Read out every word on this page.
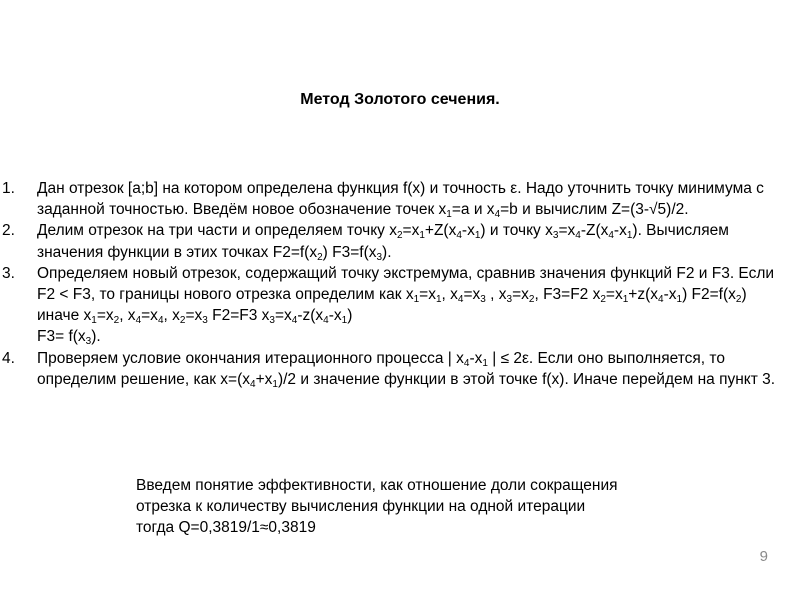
Метод Золотого сечения.
1. Дан отрезок [a;b] на котором определена функция f(x) и точность ε. Надо уточнить точку минимума с заданной точностью. Введём новое обозначение точек $x_1=a$ и $x_4=b$ и вычислим Z=(3-√5)/2.
2. Делим отрезок на три части и определяем точку $x_2=x_1+Z(x_4-x_1)$ и точку $x_3=x_4-Z(x_4-x_1)$. Вычисляем значения функции в этих точках $F2=f(x_2)$ $F3=f(x_3)$.
3. Определяем новый отрезок, содержащий точку экстремума, сравнив значения функций F2 и F3. Если F2 < F3, то границы нового отрезка определим как $x_1=x_1$, $x_4=x_3$ , $x_3=x_2$, F3=F2 $x_2=x_1+z(x_4-x_1)$ $F2=f(x_2)$ иначе $x_1=x_2$, $x_4=x_4$, $x_2=x_3$ F2=F3 $x_3=x_4-z(x_4-x_1)$
$F3= f(x_3)$.
4. Проверяем условие окончания итерационного процесса | $x_4-x_1$ | ≤ 2ε. Если оно выполняется, то определим решение, как $x=(x_4+x_1)/2$ и значение функции в этой точке f(x). Иначе перейдем на пункт 3.
Введем понятие эффективности, как отношение доли сокращения
отрезка к количеству вычисления функции на одной итерации
тогда Q=0,3819/1≈0,3819
9
